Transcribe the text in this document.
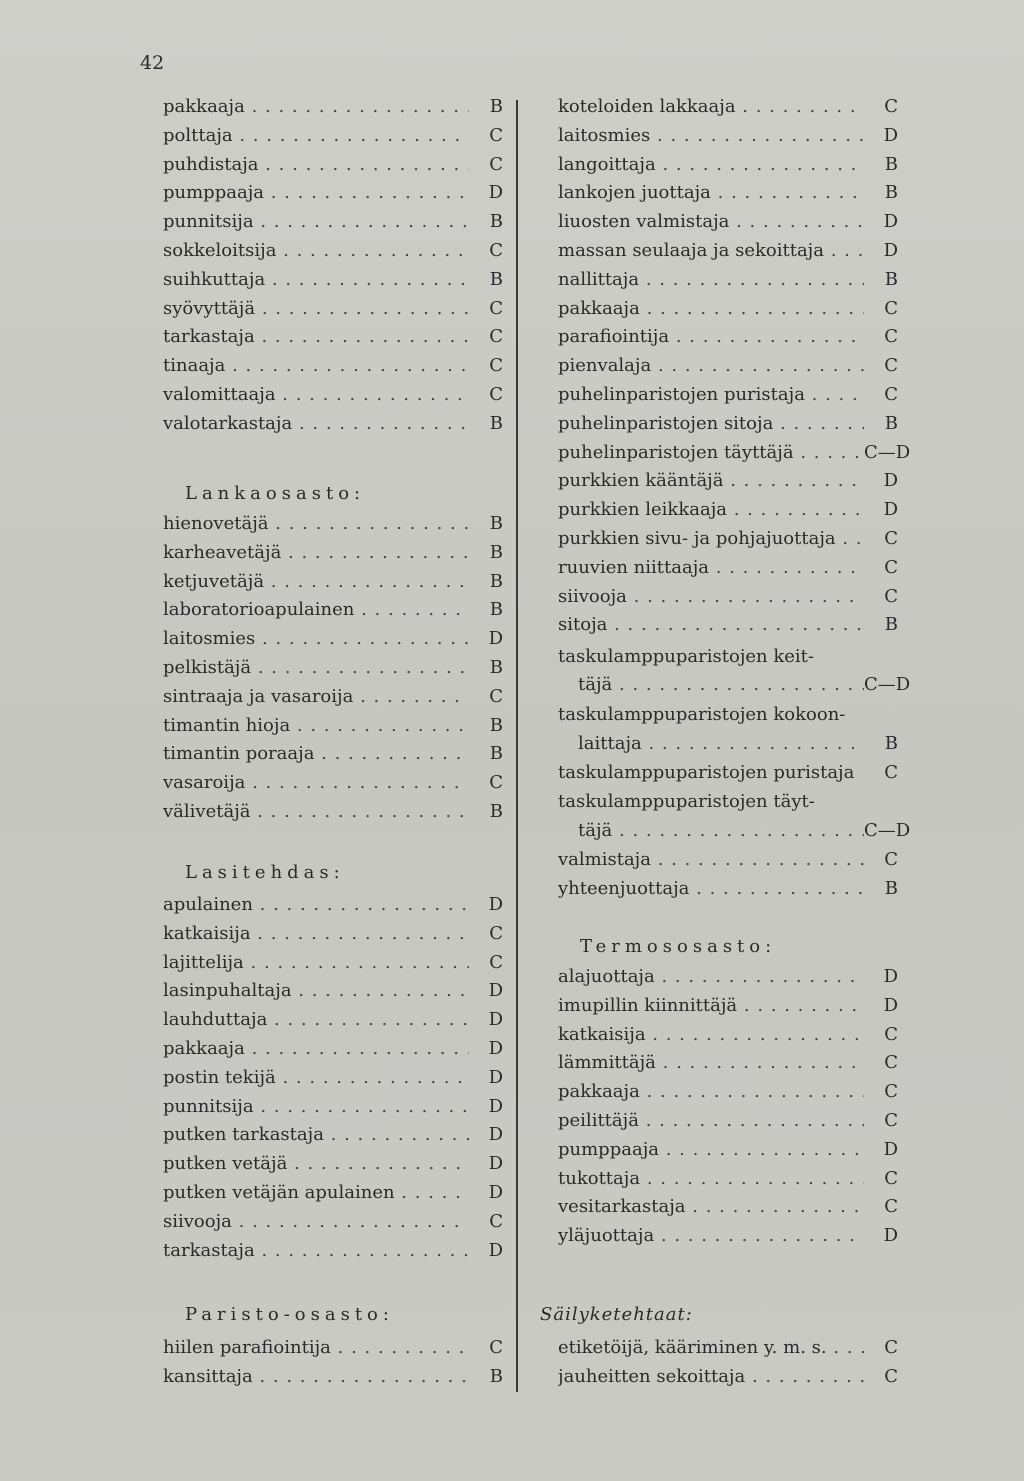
42
pakkaaja . . .	B
polttaja . . .	C
puhdistaja . . .	C
pumppaaja . . .	D
punnitsija . . .	B
sokkeloitsija . . .	C
suihkuttaja . . .	B
syövyttäjä . . .	C
tarkastaja . . .	C
tinaaja . . .	C
valomittaaja . . .	C
valotarkastaja . . .	B
Lankaosasto:
hienovetäjä . . .	B
karheavetäjä . . .	B
ketjuvetäjä . . .	B
laboratorioapulainen . . .	B
laitosmies . . .	D
pelkistäjä . . .	B
sintraaja ja vasaroija . . .	C
timantin hioja . . .	B
timantin poraaja . . .	B
vasaroija . . .	C
välivetäjä . . .	B
Lasitehdas:
apulainen . . .	D
katkaisija . . .	C
lajittelija . . .	C
lasinpuhaltaja . . .	D
lauhduttaja . . .	D
pakkaaja . . .	D
postin tekijä . . .	D
punnitsija . . .	D
putken tarkastaja . . .	D
putken vetäjä . . .	D
putken vetäjän apulainen . . .	D
siivooja . . .	C
tarkastaja . . .	D
Paristo-osasto:
hiilen parafiointija . . .	C
kansittaja . . .	B
koteloiden lakkaaja . . .	C
laitosmies . . .	D
langoittaja . . .	B
lankojen juottaja . . .	B
liuosten valmistaja . . .	D
massan seulaaja ja sekoittaja . . .	D
nallittaja . . .	B
pakkaaja . . .	C
parafiointija . . .	C
pienvalaja . . .	C
puhelinparistojen puristaja . . .	C
puhelinparistojen sitoja . . .	B
puhelinparistojen täyttäjä . . .	C—D
purkkien kääntäjä . . .	D
purkkien leikkaaja . . .	D
purkkien sivu- ja pohjajuottaja . . .	C
ruuvien niittaaja . . .	C
siivooja . . .	C
sitoja . . .	B
taskulamppuparistojen keit-
täjä . . .	C—D
taskulamppuparistojen kokoon-
laittaja . . .	B
taskulamppuparistojen puristaja	C
taskulamppuparistojen täyt-
täjä . . .	C—D
valmistaja . . .	C
yhteenjuottaja . . .	B
Termososasto:
alajuottaja . . .	D
imupillin kiinnittäjä . . .	D
katkaisija . . .	C
lämmittäjä . . .	C
pakkaaja . . .	C
peilittäjä . . .	C
pumppaaja . . .	D
tukottaja . . .	C
vesitarkastaja . . .	C
yläjuottaja . . .	D
Säilyketehtaat:
etiketöijä, kääriminen y. m. s. . . .	C
jauheitten sekoittaja . . .	C
